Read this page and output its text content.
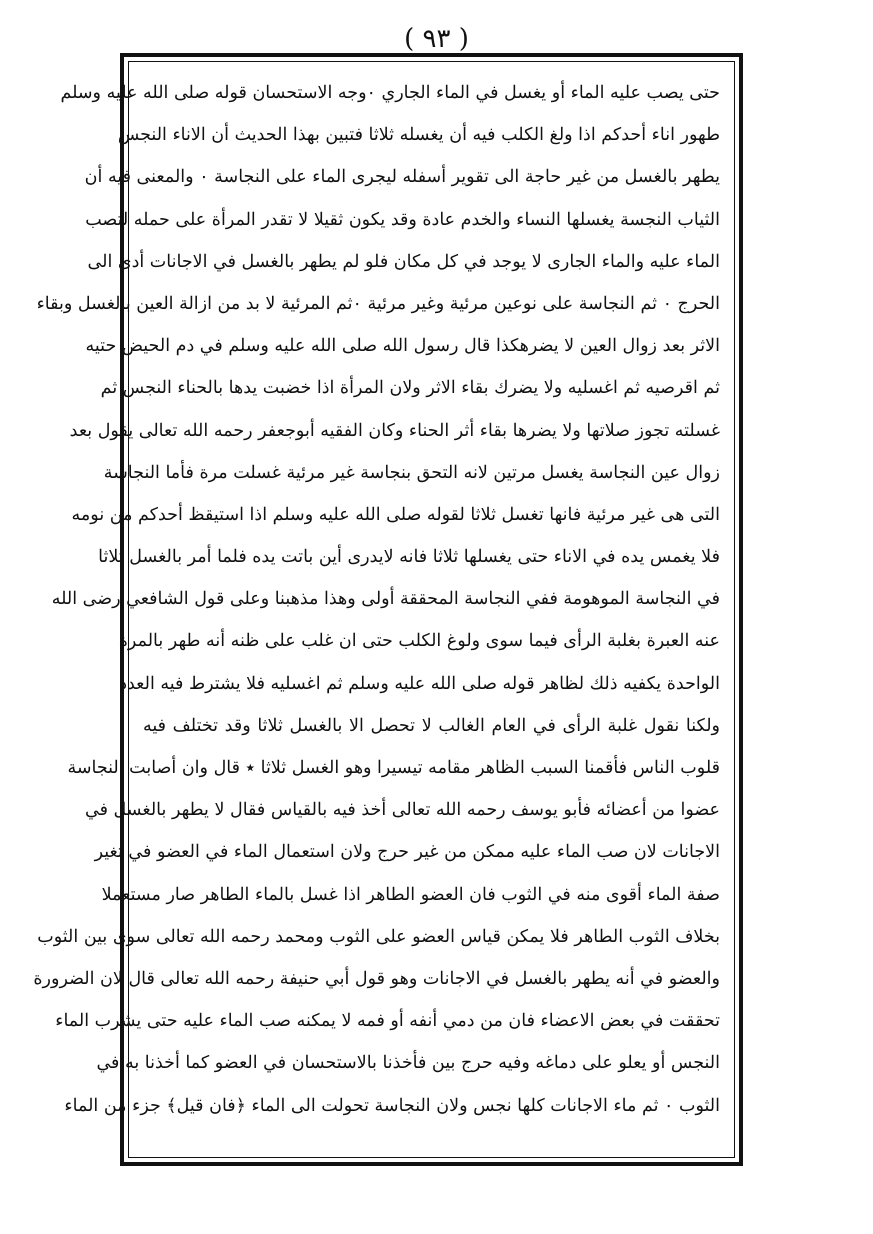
( ٩٣ )
حتى يصب عليه الماء أو يغسل في الماء الجاري ٠وجه الاستحسان قوله صلى الله عليه وسلم
طهور اناء أحدكم اذا ولغ الكلب فيه أن يغسله ثلاثا فتبين بهذا الحديث أن الاناء النجس
يطهر بالغسل من غير حاجة الى تقوير أسفله ليجرى الماء على النجاسة ٠ والمعنى فيه أن
الثياب النجسة يغسلها النساء والخدم عادة وقد يكون ثقيلا لا تقدر المرأة على حمله لتصب
الماء عليه والماء الجارى لا يوجد في كل مكان فلو لم يطهر بالغسل في الاجانات أدى الى
الحرج ٠ ثم النجاسة على نوعين مرئية وغير مرئية ٠ثم المرئية لا بد من ازالة العين بالغسل وبقاء
الاثر بعد زوال العين لا يضرهكذا قال رسول الله صلى الله عليه وسلم في دم الحيض حتيه
ثم اقرصيه ثم اغسليه ولا يضرك بقاء الاثر ولان المرأة اذا خضبت يدها بالحناء النجس ثم
غسلته تجوز صلاتها ولا يضرها بقاء أثر الحناء وكان الفقيه أبوجعفر رحمه الله تعالى يقول بعد
زوال عين النجاسة يغسل مرتين لانه التحق بنجاسة غير مرئية غسلت مرة فأما النجاسة
التى هى غير مرئية فانها تغسل ثلاثا لقوله صلى الله عليه وسلم اذا استيقظ أحدكم من نومه
فلا يغمس يده في الاناء حتى يغسلها ثلاثا فانه لايدرى أين باتت يده فلما أمر بالغسل ثلاثا
في النجاسة الموهومة ففي النجاسة المحققة أولى وهذا مذهبنا وعلى قول الشافعي رضى الله
عنه العبرة بغلبة الرأى فيما سوى ولوغ الكلب حتى ان غلب على ظنه أنه طهر بالمرة
الواحدة يكفيه ذلك لظاهر قوله صلى الله عليه وسلم ثم اغسليه فلا يشترط فيه العدد
ولكنا نقول غلبة الرأى في العام الغالب لا تحصل الا بالغسل ثلاثا وقد تختلف فيه
قلوب الناس فأقمنا السبب الظاهر مقامه تيسيرا وهو الغسل ثلاثا ٭ قال وان أصابت النجاسة
عضوا من أعضائه فأبو يوسف رحمه الله تعالى أخذ فيه بالقياس فقال لا يطهر بالغسل في
الاجانات لان صب الماء عليه ممكن من غير حرج ولان استعمال الماء في العضو في تغير
صفة الماء أقوى منه في الثوب فان العضو الطاهر اذا غسل بالماء الطاهر صار مستعملا
بخلاف الثوب الطاهر فلا يمكن قياس العضو على الثوب ومحمد رحمه الله تعالى سوى بين الثوب
والعضو في أنه يطهر بالغسل في الاجانات وهو قول أبي حنيفة رحمه الله تعالى قال لان الضرورة
تحققت في بعض الاعضاء فان من دمي أنفه أو فمه لا يمكنه صب الماء عليه حتى يشرب الماء
النجس أو يعلو على دماغه وفيه حرج بين فأخذنا بالاستحسان في العضو كما أخذنا به في
الثوب ٠ ثم ماء الاجانات كلها نجس ولان النجاسة تحولت الى الماء ﴿فان قيل﴾ جزء من الماء
